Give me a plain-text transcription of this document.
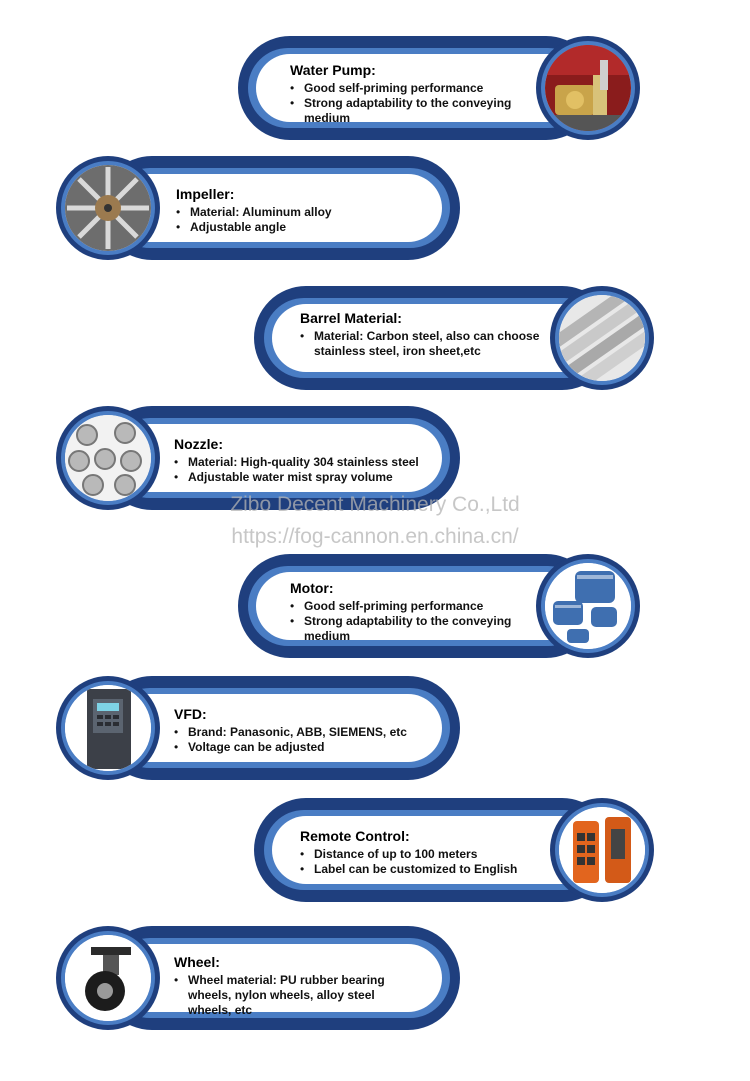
Water Pump:
• Good self-priming performance
• Strong adaptability to the conveying medium
Impeller:
• Material: Aluminum alloy
• Adjustable angle
Barrel Material:
• Material: Carbon steel, also can choose stainless steel, iron sheet,etc
Nozzle:
• Material: High-quality 304 stainless steel
• Adjustable water mist spray volume
Motor:
• Good self-priming performance
• Strong adaptability to the conveying medium
VFD:
• Brand: Panasonic, ABB, SIEMENS, etc
• Voltage can be adjusted
Remote Control:
• Distance of up to 100 meters
• Label can be customized to English
Wheel:
• Wheel material: PU rubber bearing wheels, nylon wheels, alloy steel wheels, etc
Zibo Decent Machinery Co.,Ltd
https://fog-cannon.en.china.cn/
